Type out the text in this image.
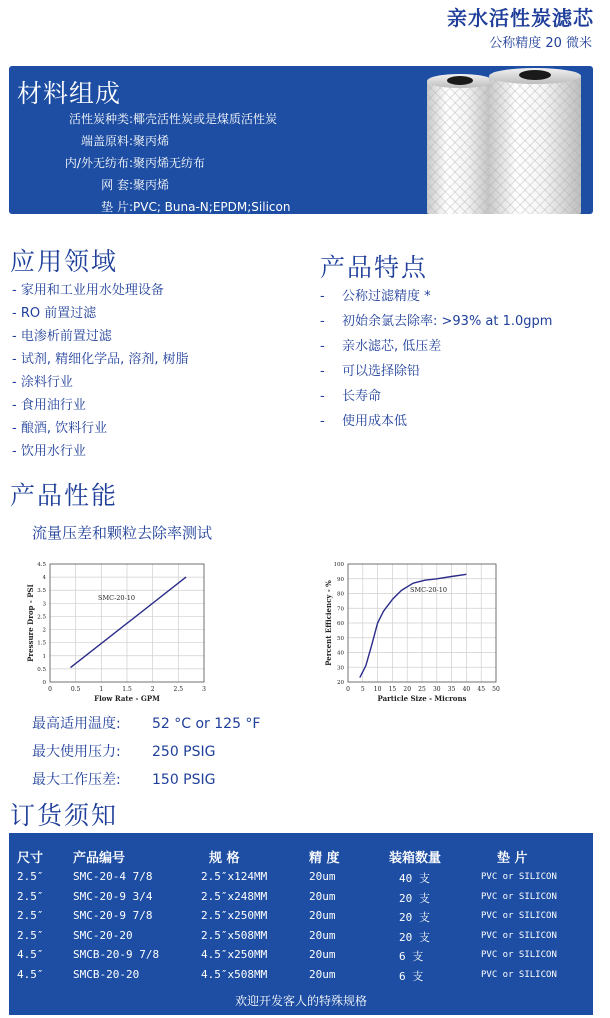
亲水活性炭滤芯
公称精度 20 微米
材料组成
活性炭种类:椰壳活性炭或是煤质活性炭
端盖原料:聚丙烯
内/外无纺布:聚丙烯无纺布
网 套:聚丙烯
垫 片:PVC; Buna-N;EPDM;Silicon
应用领域
- 家用和工业用水处理设备
- RO 前置过滤
- 电渗析前置过滤
- 试剂, 精细化学品, 溶剂, 树脂
- 涂料行业
- 食用油行业
- 酿酒, 饮料行业
- 饮用水行业
产品特点
- 公称过滤精度 *
- 初始余氯去除率: >93% at 1.0gpm
- 亲水滤芯, 低压差
- 可以选择除铅
- 长寿命
- 使用成本低
产品性能
流量压差和颗粒去除率测试
0	0.5	1	1.5	2	2.5	3
0
0.5
1
1.5
2
2.5
3
3.5
4
4.5
SMC-20-10
Flow Rate - GPM
Pressure Drop - PSI
0 5 10 15 20 25 30 35 40 45 50
20
30
40
50
60
70
80
90
100
SMC-20-10
Particle Size - Microns
Percent Efficiency - %
最高适用温度: 52 °C or 125 °F
最大使用压力: 250 PSIG
最大工作压差: 150 PSIG
订货须知
尺寸 产品编号	规 格	精 度	装箱数量	垫 片
2.5″	SMC-20-4 7/8	2.5″x124MM	20um	40 支	PVC or SILICON
2.5″	SMC-20-9 3/4	2.5″x248MM	20um	20 支	PVC or SILICON
2.5″	SMC-20-9 7/8	2.5″x250MM	20um	20 支	PVC or SILICON
2.5″	SMC-20-20	2.5″x508MM	20um	20 支	PVC or SILICON
4.5″	SMCB-20-9 7/8	4.5″x250MM	20um	6 支	PVC or SILICON
4.5″	SMCB-20-20	4.5″x508MM	20um	6 支	PVC or SILICON
欢迎开发客人的特殊规格
